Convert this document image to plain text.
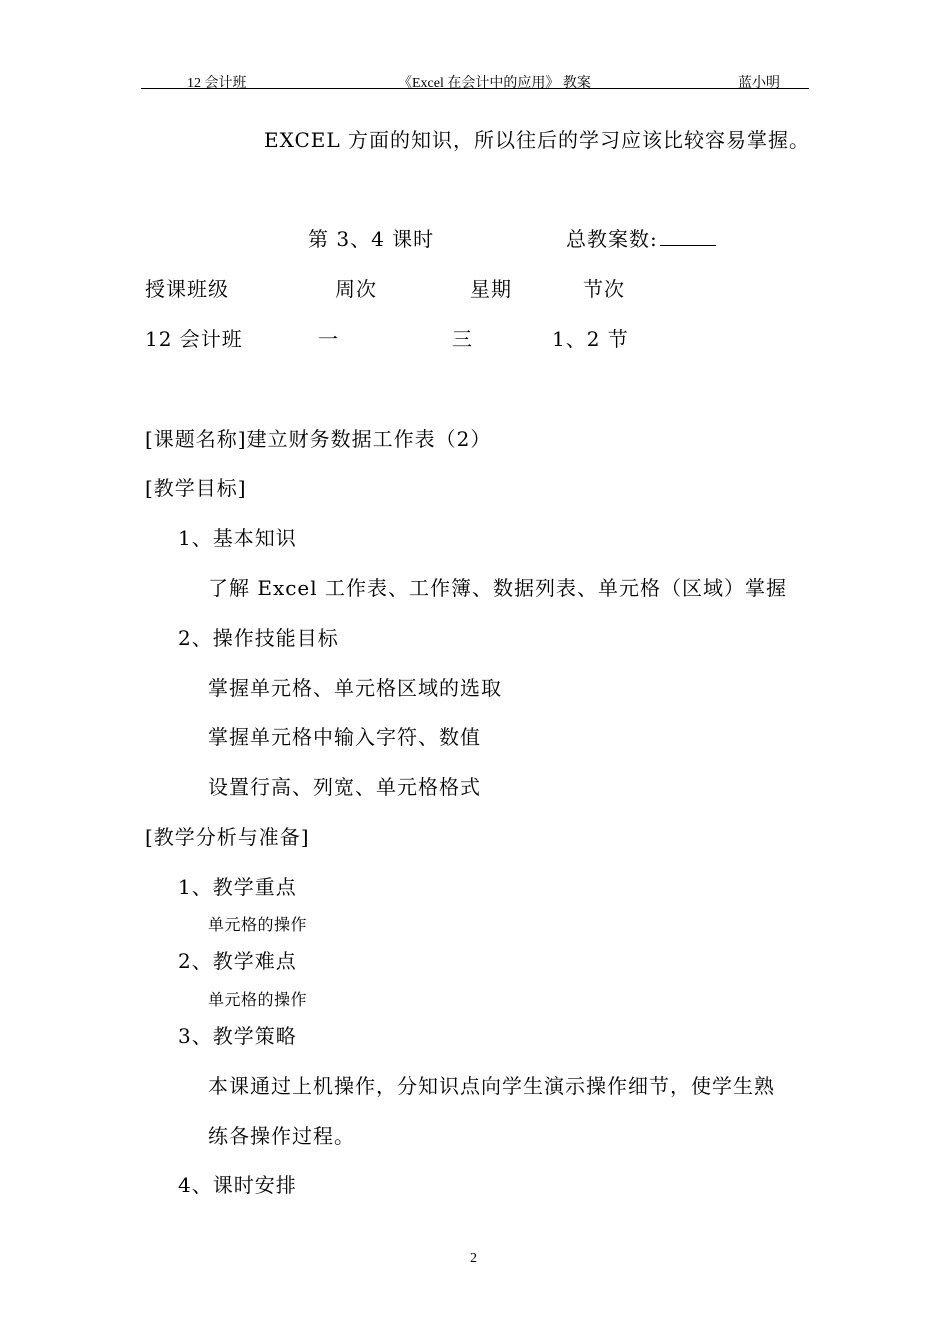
12 会计班	《Excel 在会计中的应用》 教案	蓝小明
EXCEL 方面的知识，所以往后的学习应该比较容易掌握。
第 3、4 课时	总教案数:
授课班级	周次	星期	节次
12 会计班	一	三	1、2 节
[课题名称]建立财务数据工作表（2）
[教学目标]
1、基本知识
了解 Excel 工作表、工作簿、数据列表、单元格（区域）掌握
2、操作技能目标
掌握单元格、单元格区域的选取
掌握单元格中输入字符、数值
设置行高、列宽、单元格格式
[教学分析与准备]
1、教学重点
单元格的操作
2、教学难点
单元格的操作
3、教学策略
本课通过上机操作，分知识点向学生演示操作细节，使学生熟
练各操作过程。
4、课时安排
2
